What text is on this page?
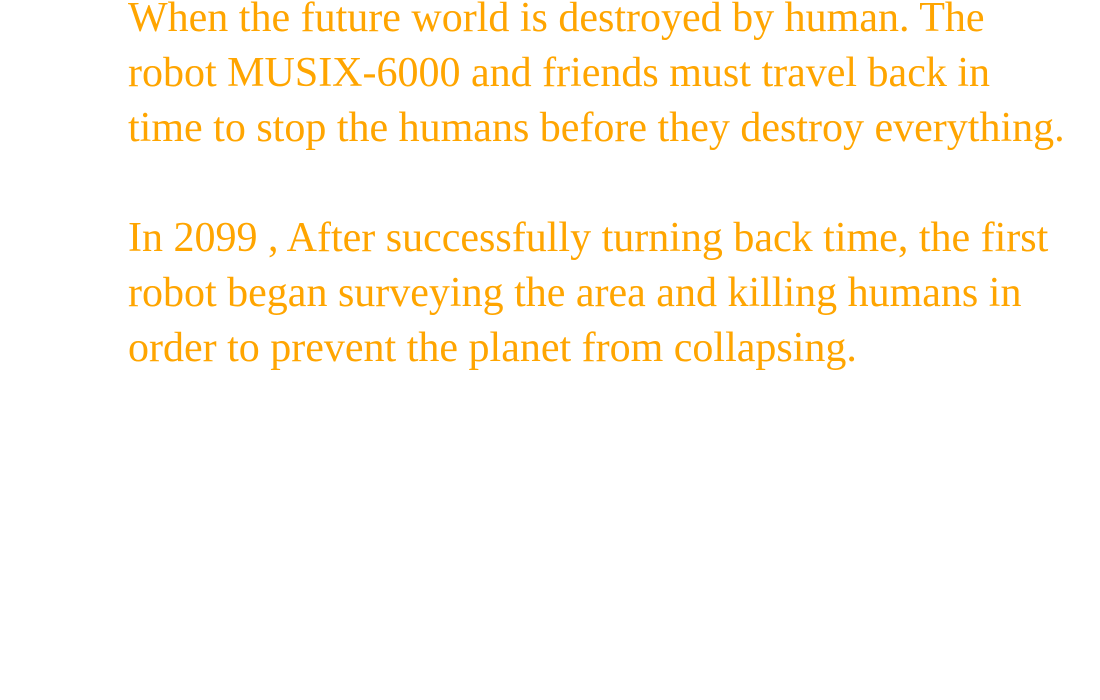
When the future world is destroyed by human. The robot MUSIX-6000 and friends must travel back in time to stop the humans before they destroy everything.

In 2099 , After successfully turning back time, the first robot began surveying the area and killing humans in order to prevent the planet from collapsing.
